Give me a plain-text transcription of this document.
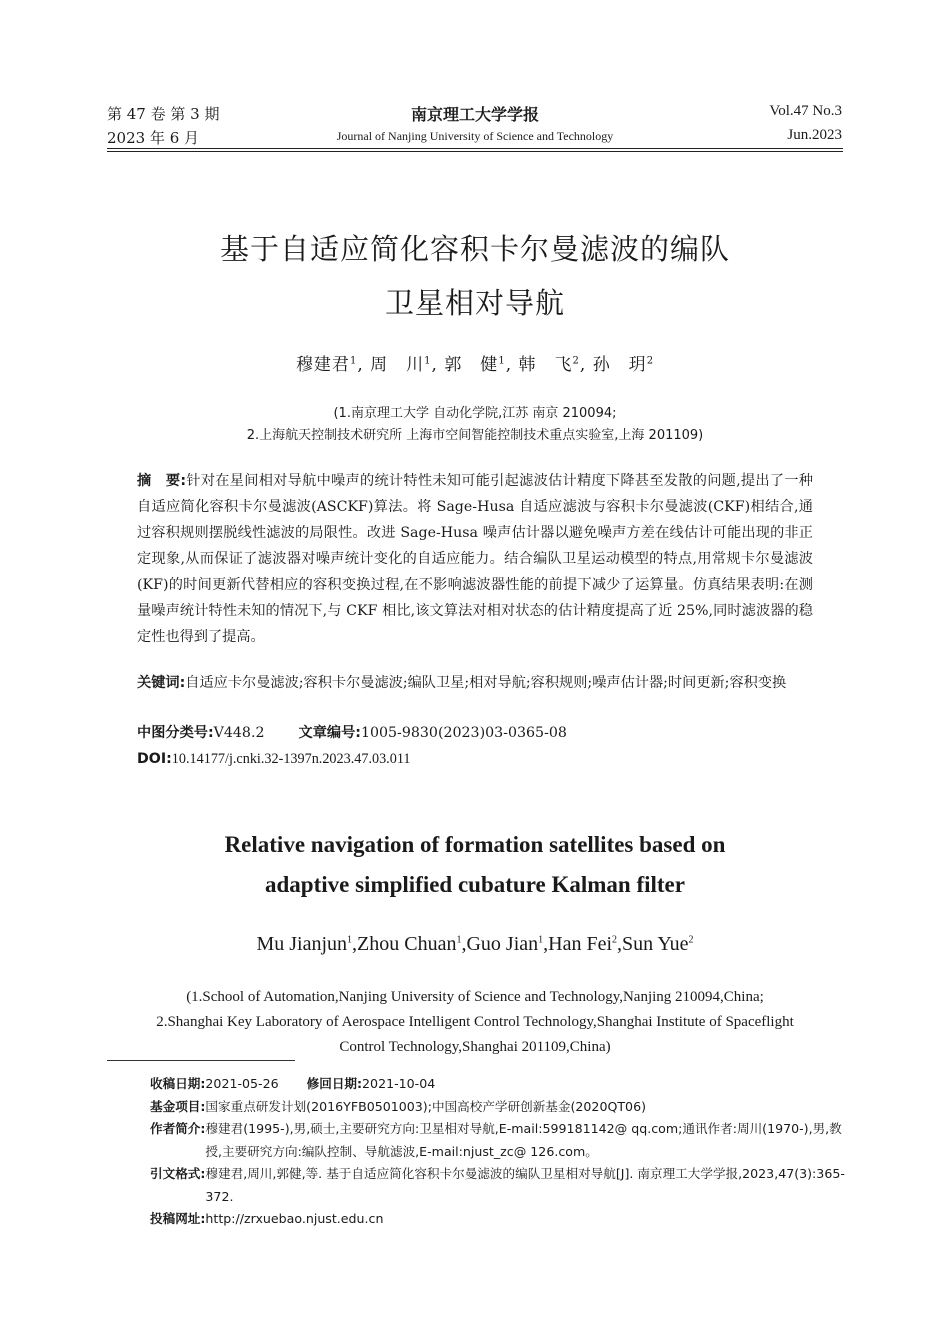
第 47 卷 第 3 期
2023 年 6 月
南京理工大学学报
Journal of Nanjing University of Science and Technology
Vol.47 No.3
Jun.2023
基于自适应简化容积卡尔曼滤波的编队
卫星相对导航
穆建君$^1$, 周　川$^1$, 郭　健$^1$, 韩　飞$^2$, 孙　玥$^2$
(1.南京理工大学 自动化学院,江苏 南京 210094;
2.上海航天控制技术研究所 上海市空间智能控制技术重点实验室,上海 201109)
摘　要:针对在星间相对导航中噪声的统计特性未知可能引起滤波估计精度下降甚至发散的问题,提出了一种自适应简化容积卡尔曼滤波(ASCKF)算法。将 Sage-Husa 自适应滤波与容积卡尔曼滤波(CKF)相结合,通过容积规则摆脱线性滤波的局限性。改进 Sage-Husa 噪声估计器以避免噪声方差在线估计可能出现的非正定现象,从而保证了滤波器对噪声统计变化的自适应能力。结合编队卫星运动模型的特点,用常规卡尔曼滤波(KF)的时间更新代替相应的容积变换过程,在不影响滤波器性能的前提下减少了运算量。仿真结果表明:在测量噪声统计特性未知的情况下,与 CKF 相比,该文算法对相对状态的估计精度提高了近 25%,同时滤波器的稳定性也得到了提高。
关键词:自适应卡尔曼滤波;容积卡尔曼滤波;编队卫星;相对导航;容积规则;噪声估计器;时间更新;容积变换
中图分类号:V448.2 文章编号:1005-9830(2023)03-0365-08
DOI:10.14177/j.cnki.32-1397n.2023.47.03.011
Relative navigation of formation satellites based on
adaptive simplified cubature Kalman filter
Mu Jianjun$^1$,Zhou Chuan$^1$,Guo Jian$^1$,Han Fei$^2$,Sun Yue$^2$
(1.School of Automation,Nanjing University of Science and Technology,Nanjing 210094,China;
2.Shanghai Key Laboratory of Aerospace Intelligent Control Technology,Shanghai Institute of Spaceflight
Control Technology,Shanghai 201109,China)
收稿日期: 2021-05-26 修回日期: 2021-10-04
基金项目: 国家重点研发计划(2016YFB0501003);中国高校产学研创新基金(2020QT06)
作者简介: 穆建君(1995-),男,硕士,主要研究方向:卫星相对导航,E-mail:599181142@ qq.com;通讯作者:周川(1970-),男,教授,主要研究方向:编队控制、导航滤波,E-mail:njust_zc@ 126.com。
引文格式: 穆建君,周川,郭健,等. 基于自适应简化容积卡尔曼滤波的编队卫星相对导航[J]. 南京理工大学学报,2023,47(3):365-372.
投稿网址: http://zrxuebao.njust.edu.cn
